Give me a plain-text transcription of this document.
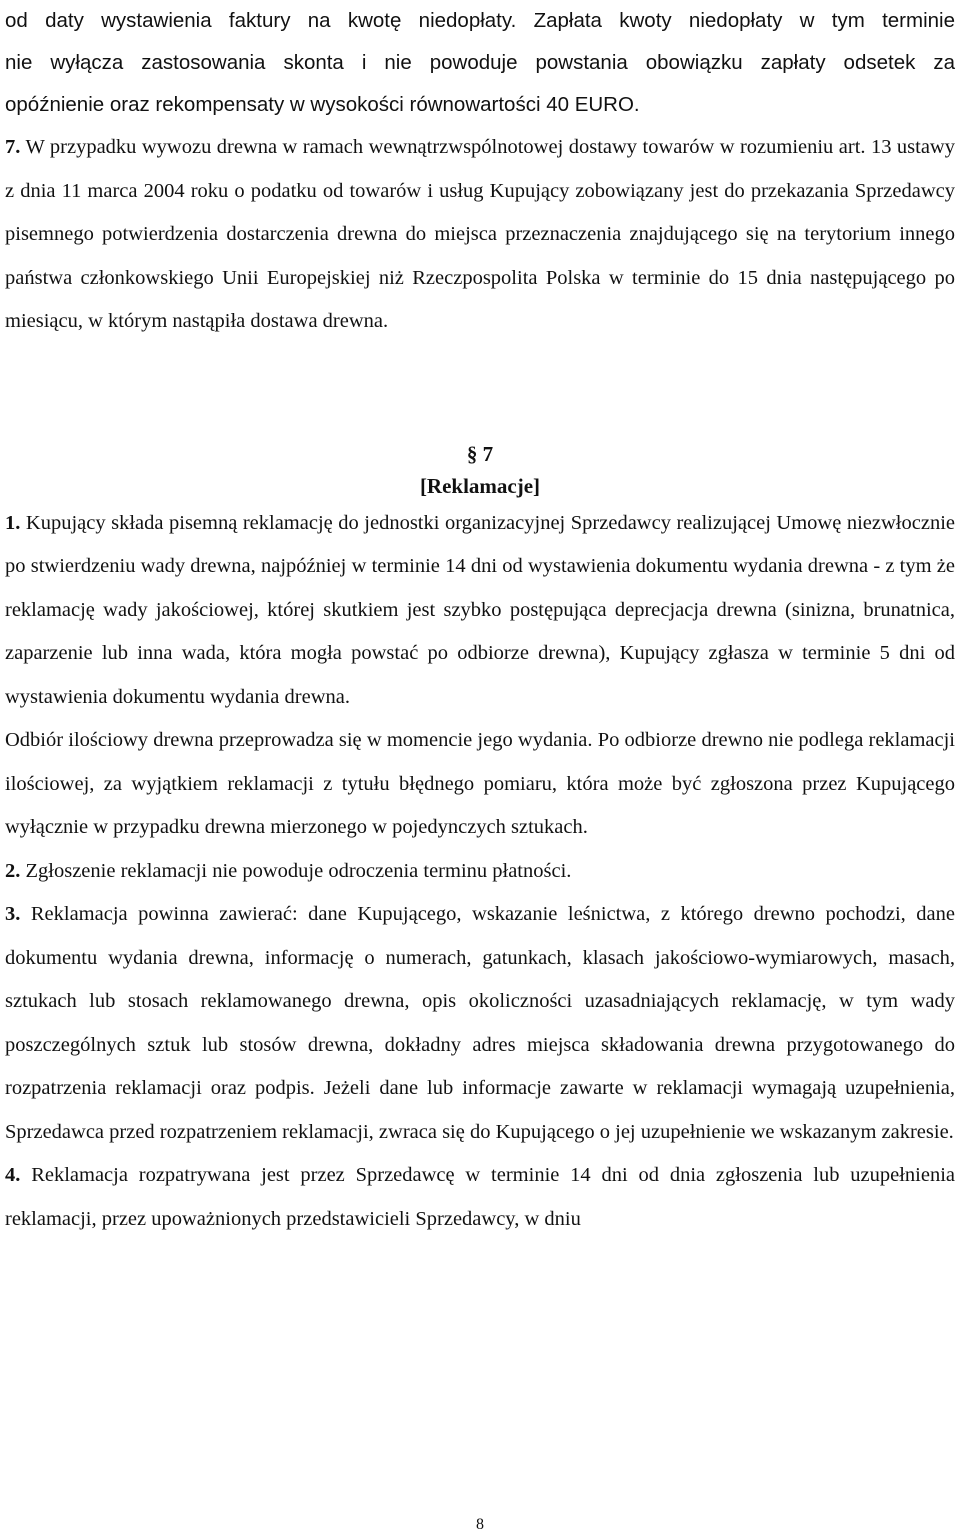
od daty wystawienia faktury na kwotę niedopłaty. Zapłata kwoty niedopłaty w tym terminie

nie wyłącza zastosowania skonta i nie powoduje powstania obowiązku zapłaty odsetek za

opóźnienie oraz rekompensaty w wysokości równowartości 40 EURO.

7. W przypadku wywozu drewna w ramach wewnątrzwspólnotowej dostawy towarów w rozumieniu art. 13 ustawy z dnia 11 marca 2004 roku o podatku od towarów i usług Kupujący zobowiązany jest do przekazania Sprzedawcy pisemnego potwierdzenia dostarczenia drewna do miejsca przeznaczenia znajdującego się na terytorium innego państwa członkowskiego Unii Europejskiej niż Rzeczpospolita Polska w terminie do 15 dnia następującego po miesiącu, w którym nastąpiła dostawa drewna.

§ 7

[Reklamacje]

1. Kupujący składa pisemną reklamację do jednostki organizacyjnej Sprzedawcy realizującej Umowę niezwłocznie po stwierdzeniu wady drewna, najpóźniej w terminie 14 dni od wystawienia dokumentu wydania drewna - z tym że reklamację wady jakościowej, której skutkiem jest szybko postępująca deprecjacja drewna (sinizna, brunatnica, zaparzenie lub inna wada, która mogła powstać po odbiorze drewna), Kupujący zgłasza w terminie 5 dni od wystawienia dokumentu wydania drewna.

Odbiór ilościowy drewna przeprowadza się w momencie jego wydania. Po odbiorze drewno nie podlega reklamacji ilościowej, za wyjątkiem reklamacji z tytułu błędnego pomiaru, która może być zgłoszona przez Kupującego wyłącznie w przypadku drewna mierzonego w pojedynczych sztukach.

2. Zgłoszenie reklamacji nie powoduje odroczenia terminu płatności.

3. Reklamacja powinna zawierać: dane Kupującego, wskazanie leśnictwa, z którego drewno pochodzi, dane dokumentu wydania drewna, informację o numerach, gatunkach, klasach jakościowo-wymiarowych, masach, sztukach lub stosach reklamowanego drewna, opis okoliczności uzasadniających reklamację, w tym wady poszczególnych sztuk lub stosów drewna, dokładny adres miejsca składowania drewna przygotowanego do rozpatrzenia reklamacji oraz podpis. Jeżeli dane lub informacje zawarte w reklamacji wymagają uzupełnienia, Sprzedawca przed rozpatrzeniem reklamacji, zwraca się do Kupującego o jej uzupełnienie we wskazanym zakresie.

4. Reklamacja rozpatrywana jest przez Sprzedawcę w terminie 14 dni od dnia zgłoszenia lub uzupełnienia reklamacji, przez upoważnionych przedstawicieli Sprzedawcy, w dniu

8
